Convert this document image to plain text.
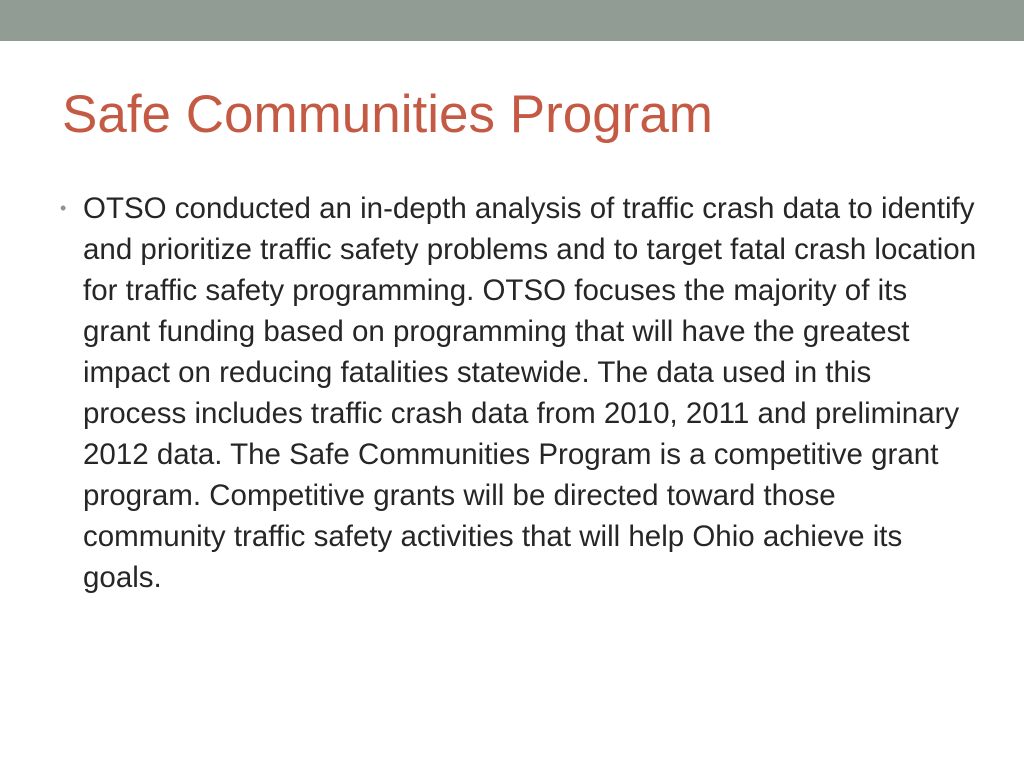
Safe Communities Program
• OTSO conducted an in-depth analysis of traffic crash data to identify and prioritize traffic safety problems and to target fatal crash location for traffic safety programming. OTSO focuses the majority of its grant funding based on programming that will have the greatest impact on reducing fatalities statewide. The data used in this process includes traffic crash data from 2010, 2011 and preliminary 2012 data. The Safe Communities Program is a competitive grant program. Competitive grants will be directed toward those community traffic safety activities that will help Ohio achieve its goals.
